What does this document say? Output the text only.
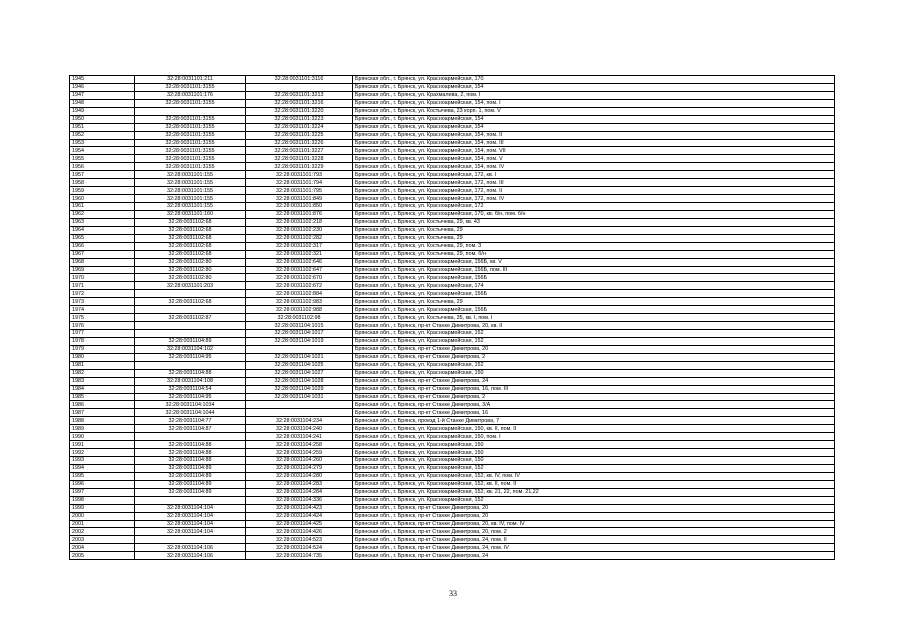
1945	32:28:0031101:211	32:28:0031101:3116	Брянская обл., г. Брянск, ул. Красноармейская, 170
1946	32:28:0031101:3155		Брянская обл., г. Брянск, ул. Красноармейская, 154
1947	32:28:0031101:176	32:28:0031101:3213	Брянская обл., г. Брянск, ул. Крахмалева, 2, пом. I
1948	32:28:0031101:3155	32:28:0031101:3216	Брянская обл., г. Брянск, ул. Красноармейская, 154, пом. I
1949		32:28:0031101:3220	Брянская обл., г. Брянск, ул. Костычева, 23 корп. 1, пом. V
1950	32:28:0031101:3155	32:28:0031101:3223	Брянская обл., г. Брянск, ул. Красноармейская, 154
1951	32:28:0031101:3155	32:28:0031101:3224	Брянская обл., г. Брянск, ул. Красноармейская, 154
1952	32:28:0031101:3155	32:28:0031101:3225	Брянская обл., г. Брянск, ул. Красноармейская, 154, пом. II
1953	32:28:0031101:3155	32:28:0031101:3226	Брянская обл., г. Брянск, ул. Красноармейская, 154, пом. III
1954	32:28:0031101:3155	32:28:0031101:3227	Брянская обл., г. Брянск, ул. Красноармейская, 154, пом. VII
1955	32:28:0031101:3155	32:28:0031101:3228	Брянская обл., г. Брянск, ул. Красноармейская, 154, пом. V
1956	32:28:0031101:3155	32:28:0031101:3229	Брянская обл., г. Брянск, ул. Красноармейская, 154, пом. IV
1957	32:28:0031101:155	32:28:0031101:793	Брянская обл., г. Брянск, ул. Красноармейская, 172, кв. I
1958	32:28:0031101:155	32:28:0031101:794	Брянская обл., г. Брянск, ул. Красноармейская, 172, пом. III
1959	32:28:0031101:155	32:28:0031101:795	Брянская обл., г. Брянск, ул. Красноармейская, 172, пом. II
1960	32:28:0031101:155	32:28:0031101:849	Брянская обл., г. Брянск, ул. Красноармейская, 172, пом. IV
1961	32:28:0031101:155	32:28:0031101:850	Брянская обл., г. Брянск, ул. Красноармейская, 172
1962	32:28:0031101:160	32:28:0031101:876	Брянская обл., г. Брянск, ул. Красноармейская, 170, кв. б/н, пом. б/н
1963	32:28:0031102:68	32:28:0031102:218	Брянская обл., г. Брянск, ул. Костычева, 29, кв. 43
1964	32:28:0031102:68	32:28:0031102:230	Брянская обл., г. Брянск, ул. Костычева, 29
1965	32:28:0031102:68	32:28:0031102:282	Брянская обл., г. Брянск, ул. Костычева, 29
1966	32:28:0031102:68	32:28:0031102:317	Брянская обл., г. Брянск, ул. Костычева, 29, пом. 3
1967	32:28:0031102:68	32:28:0031102:321	Брянская обл., г. Брянск, ул. Костычева, 29, пом. б/н
1968	32:28:0031102:80	32:28:0031102:646	Брянская обл., г. Брянск, ул. Красноармейская, 156Б, кв. V
1969	32:28:0031102:80	32:28:0031102:647	Брянская обл., г. Брянск, ул. Красноармейская, 156Б, пом. III
1970	32:28:0031102:80	32:28:0031102:670	Брянская обл., г. Брянск, ул. Красноармейская, 156Б
1971	32:28:0031101:203	32:28:0031102:672	Брянская обл., г. Брянск, ул. Красноармейская, 174
1972		32:28:0031102:884	Брянская обл., г. Брянск, ул. Красноармейская, 156Б
1973	32:28:0031102:68	32:28:0031102:983	Брянская обл., г. Брянск, ул. Костычева, 29
1974		32:28:0031102:988	Брянская обл., г. Брянск, ул. Красноармейская, 156Б
1975	32:28:0031102:87	32:28:0031102:98	Брянская обл., г. Брянск, ул. Костычева, 35, кв. I, пом. I
1976		32:28:0031104:1015	Брянская обл., г. Брянск, пр-кт Станке Димитрова, 20, кв. II
1977		32:28:0031104:1017	Брянская обл., г. Брянск, ул. Красноармейская, 152
1978	32:28:0031104:89	32:28:0031104:1019	Брянская обл., г. Брянск, ул. Красноармейская, 152
1979	32:28:0031104:102		Брянская обл., г. Брянск, пр-кт Станке Димитрова, 20
1980	32:28:0031104:95	32:28:0031104:1021	Брянская обл., г. Брянск, пр-кт Станке Димитрова, 2
1981		32:28:0031104:1025	Брянская обл., г. Брянск, ул. Красноармейская, 152
1982	32:28:0031104:88	32:28:0031104:1027	Брянская обл., г. Брянск, ул. Красноармейская, 150
1983	32:28:0031104:108	32:28:0031104:1028	Брянская обл., г. Брянск, пр-кт Станке Димитрова, 24
1984	32:28:0031104:54	32:28:0031104:1029	Брянская обл., г. Брянск, пр-кт Станке Димитрова, 16, пом. III
1985	32:28:0031104:95	32:28:0031104:1031	Брянская обл., г. Брянск, пр-кт Станке Димитрова, 2
1986	32:28:0031104:1034		Брянская обл., г. Брянск, пр-кт Станке Димитрова, 3/А
1987	32:28:0031104:1044		Брянская обл., г. Брянск, пр-кт Станке Димитрова, 16
1988	32:28:0031104:77	32:28:0031104:234	Брянская обл., г. Брянск, проезд 1-й Станке Димитрова, 7
1989	32:28:0031104:87	32:28:0031104:240	Брянская обл., г. Брянск, ул. Красноармейская, 150, кв. II, пом. II
1990		32:28:0031104:241	Брянская обл., г. Брянск, ул. Красноармейская, 150, пом. I
1991	32:28:0031104:88	32:28:0031104:258	Брянская обл., г. Брянск, ул. Красноармейская, 150
1992	32:28:0031104:88	32:28:0031104:259	Брянская обл., г. Брянск, ул. Красноармейская, 150
1993	32:28:0031104:88	32:28:0031104:260	Брянская обл., г. Брянск, ул. Красноармейская, 150
1994	32:28:0031104:89	32:28:0031104:279	Брянская обл., г. Брянск, ул. Красноармейская, 152
1995	32:28:0031104:89	32:28:0031104:280	Брянская обл., г. Брянск, ул. Красноармейская, 152, кв. IV, пом. IV
1996	32:28:0031104:89	32:28:0031104:283	Брянская обл., г. Брянск, ул. Красноармейская, 152, кв. II, пом. II
1997	32:28:0031104:89	32:28:0031104:284	Брянская обл., г. Брянск, ул. Красноармейская, 152, кв. 21, 22, пом. 21,22
1998		32:28:0031104:336	Брянская обл., г. Брянск, ул. Красноармейская, 152
1999	32:28:0031104:104	32:28:0031104:423	Брянская обл., г. Брянск, пр-кт Станке Димитрова, 20
2000	32:28:0031104:104	32:28:0031104:424	Брянская обл., г. Брянск, пр-кт Станке Димитрова, 20
2001	32:28:0031104:104	32:28:0031104:425	Брянская обл., г. Брянск, пр-кт Станке Димитрова, 20, кв. IV, пом. IV
2002	32:28:0031104:104	32:28:0031104:426	Брянская обл., г. Брянск, пр-кт Станке Димитрова, 20, пом. 2
2003		32:28:0031104:523	Брянская обл., г. Брянск, пр-кт Станке Димитрова, 24, пом. II
2004	32:28:0031104:106	32:28:0031104:524	Брянская обл., г. Брянск, пр-кт Станке Димитрова, 24, пом. IV
2005	32:28:0031104:106	32:28:0031104:735	Брянская обл., г. Брянск, пр-кт Станке Димитрова, 24
33
